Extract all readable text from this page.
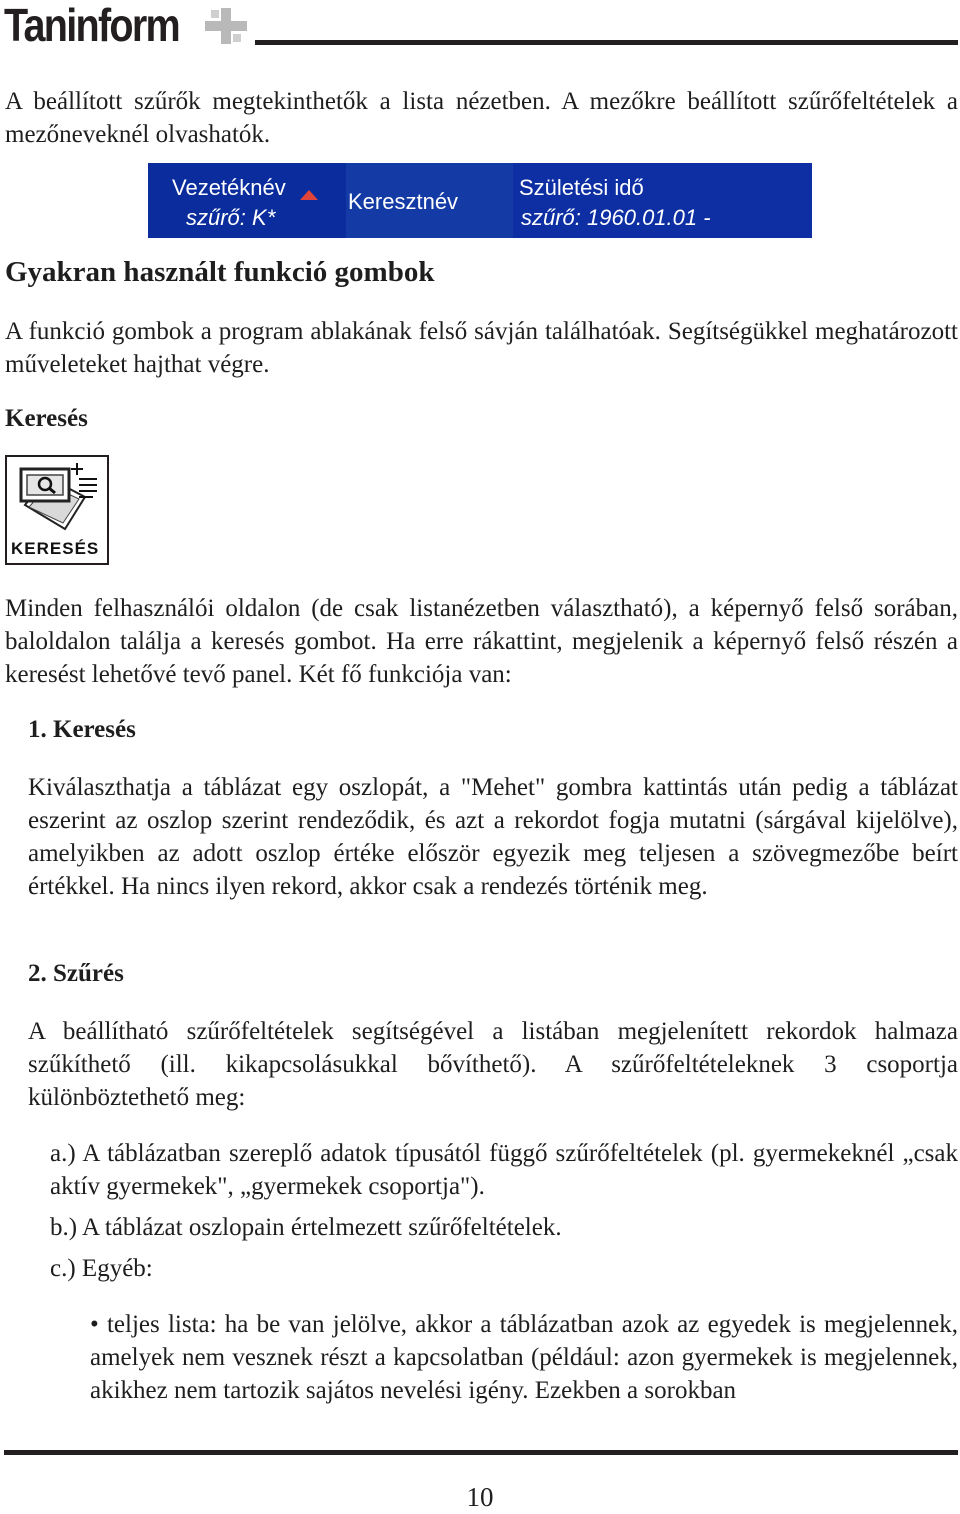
Taninform

A beállított szűrők megtekinthetők a lista nézetben. A mezőkre beállított szűrőfeltételek a mezőneveknél olvashatók.

Vezetéknév
szűrő: K*
Keresztnév
Születési idő
szűrő: 1960.01.01 -
Gyakran használt funkció gombok

A funkció gombok a program ablakának felső sávján találhatóak. Segítségükkel meghatározott műveleteket hajthat végre.

Keresés
KERESÉS

Minden felhasználói oldalon (de csak listanézetben választható), a képernyő felső sorában, baloldalon találja a keresés gombot. Ha erre rákattint, megjelenik a képernyő felső részén a keresést lehetővé tevő panel. Két fő funkciója van:

1. Keresés

Kiválaszthatja a táblázat egy oszlopát, a "Mehet" gombra kattintás után pedig a táblázat eszerint az oszlop szerint rendeződik, és azt a rekordot fogja mutatni (sárgával kijelölve), amelyikben az adott oszlop értéke először egyezik meg teljesen a szövegmezőbe beírt értékkel. Ha nincs ilyen rekord, akkor csak a rendezés történik meg.

2. Szűrés

A beállítható szűrőfeltételek segítségével a listában megjelenített rekordok halmaza szűkíthető (ill. kikapcsolásukkal bővíthető). A szűrőfeltételeknek 3 csoportja különböztethető meg:

a.) A táblázatban szereplő adatok típusától függő szűrőfeltételek (pl. gyermekeknél „csak aktív gyermekek", „gyermekek csoportja").

b.) A táblázat oszlopain értelmezett szűrőfeltételek.

c.) Egyéb:

• teljes lista: ha be van jelölve, akkor a táblázatban azok az egyedek is megjelennek, amelyek nem vesznek részt a kapcsolatban (például: azon gyermekek is megjelennek, akikhez nem tartozik sajátos nevelési igény. Ezekben a sorokban

10
